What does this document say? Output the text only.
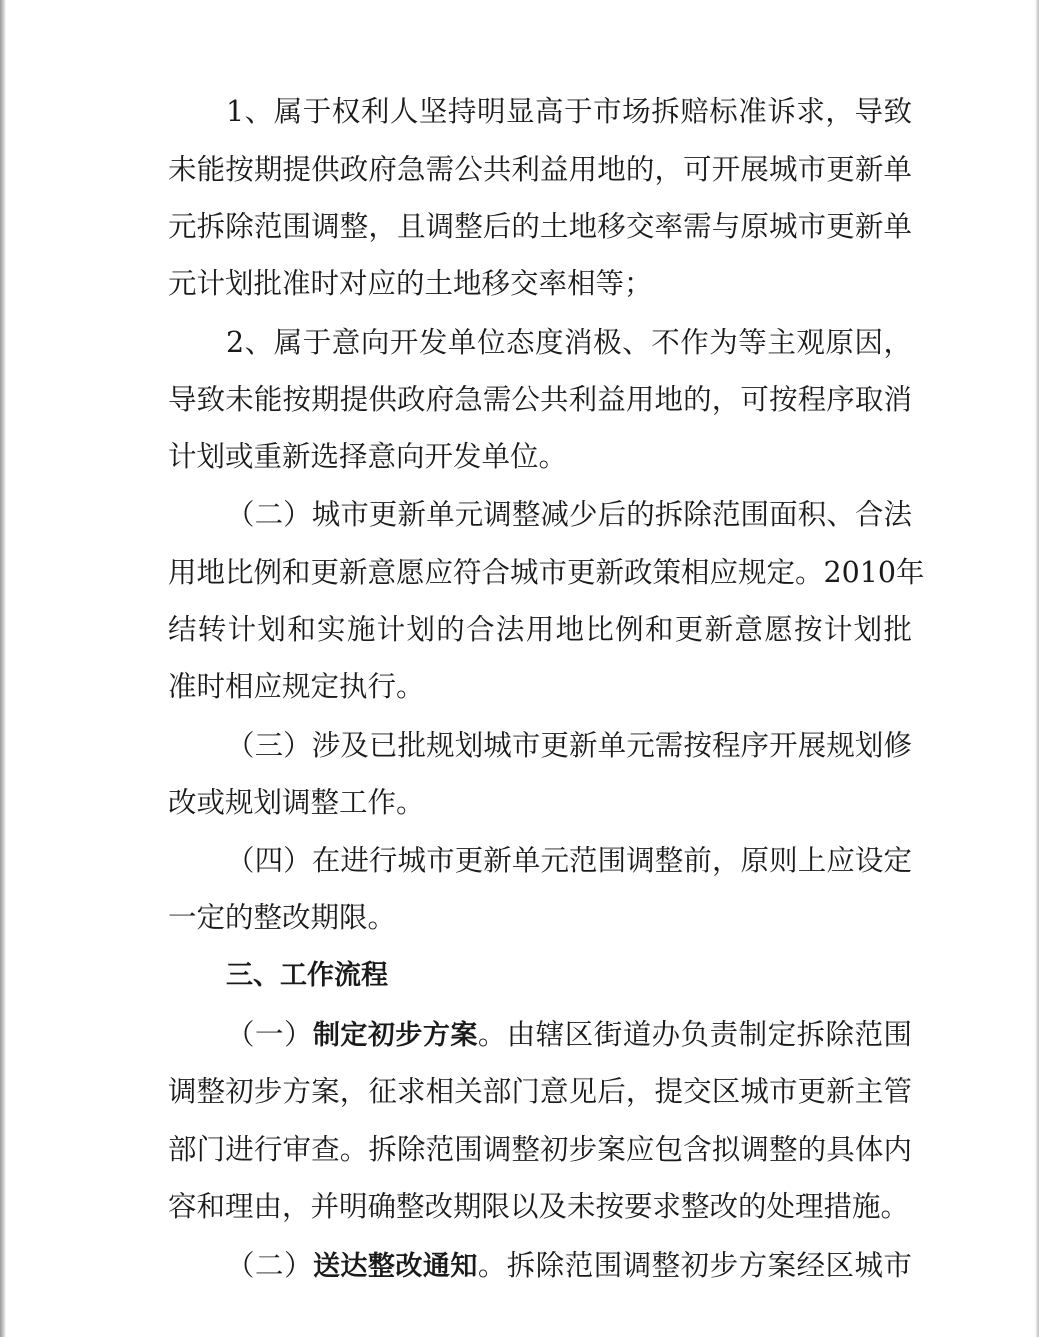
1、属于权利人坚持明显高于市场拆赔标准诉求，导致
未能按期提供政府急需公共利益用地的，可开展城市更新单
元拆除范围调整，且调整后的土地移交率需与原城市更新单
元计划批准时对应的土地移交率相等；
2、属于意向开发单位态度消极、不作为等主观原因，
导致未能按期提供政府急需公共利益用地的，可按程序取消
计划或重新选择意向开发单位。
（二）城市更新单元调整减少后的拆除范围面积、合法
用地比例和更新意愿应符合城市更新政策相应规定。2010年
结转计划和实施计划的合法用地比例和更新意愿按计划批
准时相应规定执行。
（三）涉及已批规划城市更新单元需按程序开展规划修
改或规划调整工作。
（四）在进行城市更新单元范围调整前，原则上应设定
一定的整改期限。
三、工作流程
（一）制定初步方案。由辖区街道办负责制定拆除范围
调整初步方案，征求相关部门意见后，提交区城市更新主管
部门进行审查。拆除范围调整初步案应包含拟调整的具体内
容和理由，并明确整改期限以及未按要求整改的处理措施。
（二）送达整改通知。拆除范围调整初步方案经区城市
